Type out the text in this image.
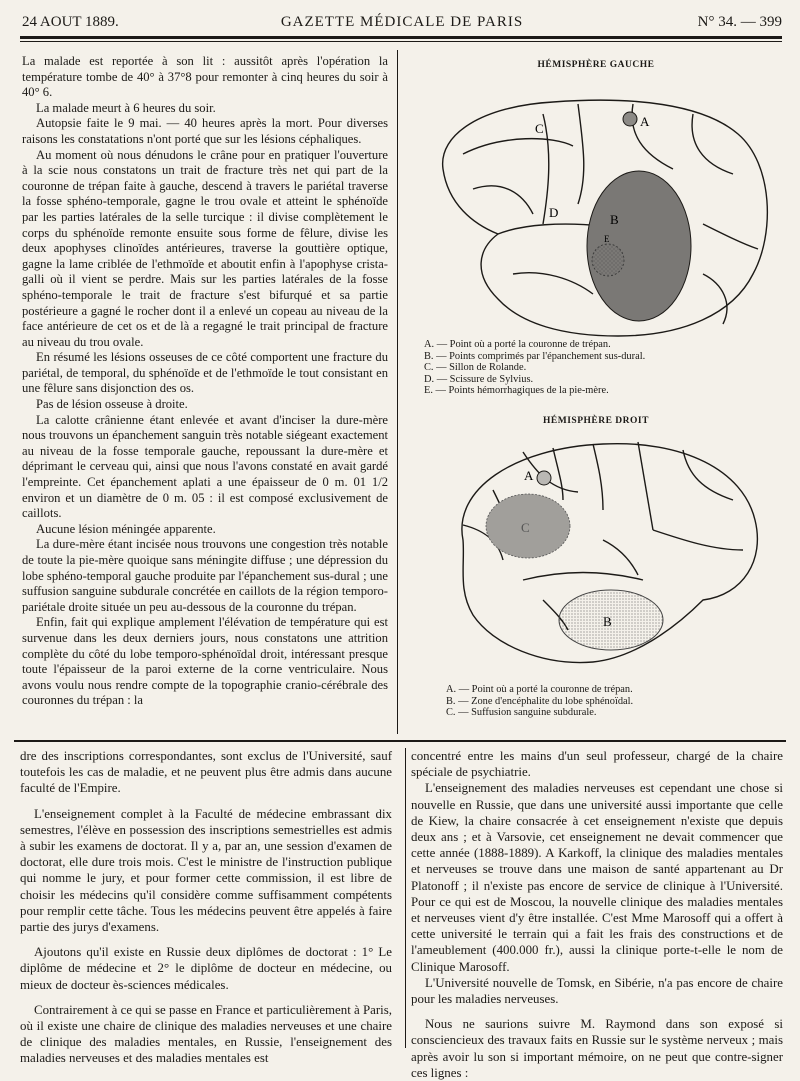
24 AOUT 1889.	GAZETTE MÉDICALE DE PARIS	N° 34. — 399

La malade est reportée à son lit : aussitôt après l'opération la température tombe de 40° à 37°8 pour remonter à cinq heures du soir à 40° 6.

La malade meurt à 6 heures du soir.

Autopsie faite le 9 mai. — 40 heures après la mort. Pour diverses raisons les constatations n'ont porté que sur les lésions céphaliques.

Au moment où nous dénudons le crâne pour en pratiquer l'ouverture à la scie nous constatons un trait de fracture très net qui part de la couronne de trépan faite à gauche, descend à travers le pariétal traverse la fosse sphéno-temporale, gagne le trou ovale et atteint le sphénoïde par les parties latérales de la selle turcique : il divise complètement le corps du sphénoïde remonte ensuite sous forme de fêlure, divise les deux apophyses clinoïdes antérieures, traverse la gouttière optique, gagne la lame criblée de l'ethmoïde et aboutit enfin à l'apophyse crista-galli où il vient se perdre. Mais sur les parties latérales de la fosse sphéno-temporale le trait de fracture s'est bifurqué et sa partie postérieure a gagné le rocher dont il a enlevé un copeau au niveau de la face antérieure de cet os et de là a regagné le trait principal de fracture au niveau du trou ovale.

En résumé les lésions osseuses de ce côté comportent une fracture du pariétal, de temporal, du sphénoïde et de l'ethmoïde le tout consistant en une fêlure sans disjonction des os.

Pas de lésion osseuse à droite.

La calotte crânienne étant enlevée et avant d'inciser la dure-mère nous trouvons un épanchement sanguin très notable siégeant exactement au niveau de la fosse temporale gauche, repoussant la dure-mère et déprimant le cerveau qui, ainsi que nous l'avons constaté en avait gardé l'empreinte. Cet épanchement aplati a une épaisseur de 0 m. 01 1/2 environ et un diamètre de 0 m. 05 : il est composé exclusivement de caillots.

Aucune lésion méningée apparente.

La dure-mère étant incisée nous trouvons une congestion très notable de toute la pie-mère quoique sans méningite diffuse ; une dépression du lobe sphéno-temporal gauche produite par l'épanchement sus-dural ; une suffusion sanguine subdurale concrétée en caillots de la région temporo-pariétale droite située un peu au-dessous de la couronne du trépan.

Enfin, fait qui explique amplement l'élévation de température qui est survenue dans les deux derniers jours, nous constatons une attrition complète du côté du lobe temporo-sphénoïdal droit, intéressant presque toute l'épaisseur de la paroi externe de la corne ventriculaire. Nous avons voulu nous rendre compte de la topographie cranio-cérébrale des couronnes du trépan : la

HÉMISPHÈRE GAUCHE
C	A
D	B
E
A. — Point où a porté la couronne de trépan.
B. — Points comprimés par l'épanchement sus-dural.
C. — Sillon de Rolande.
D. — Scissure de Sylvius.
E. — Points hémorrhagiques de la pie-mère.
HÉMISPHÈRE DROIT
A
C
B
A. — Point où a porté la couronne de trépan.
B. — Zone d'encéphalite du lobe sphénoïdal.
C. — Suffusion sanguine subdurale.

dre des inscriptions correspondantes, sont exclus de l'Université, sauf toutefois les cas de maladie, et ne peuvent plus être admis dans aucune faculté de l'Empire.

L'enseignement complet à la Faculté de médecine embrassant dix semestres, l'élève en possession des inscriptions semestrielles est admis à subir les examens de doctorat. Il y a, par an, une session d'examen de doctorat, elle dure trois mois. C'est le ministre de l'instruction publique qui nomme le jury, et pour former cette commission, il est libre de choisir les médecins qu'il considère comme suffisamment compétents pour remplir cette tâche. Tous les médecins peuvent être appelés à faire partie des jurys d'examens.

Ajoutons qu'il existe en Russie deux diplômes de doctorat : 1° Le diplôme de médecine et 2° le diplôme de docteur en médecine, ou mieux de docteur ès-sciences médicales.

Contrairement à ce qui se passe en France et particulièrement à Paris, où il existe une chaire de clinique des maladies nerveuses et une chaire de clinique des maladies mentales, en Russie, l'enseignement des maladies nerveuses et des maladies mentales est

concentré entre les mains d'un seul professeur, chargé de la chaire spéciale de psychiatrie.

L'enseignement des maladies nerveuses est cependant une chose si nouvelle en Russie, que dans une université aussi importante que celle de Kiew, la chaire consacrée à cet enseignement n'existe que depuis deux ans ; et à Varsovie, cet enseignement ne devait commencer que cette année (1888-1889). A Karkoff, la clinique des maladies mentales et nerveuses se trouve dans une maison de santé appartenant au Dr Platonoff ; il n'existe pas encore de service de clinique à l'Université. Pour ce qui est de Moscou, la nouvelle clinique des maladies mentales et nerveuses vient d'y être installée. C'est Mme Marosoff qui a offert à cette université le terrain qui a fait les frais des constructions et de l'ameublement (400.000 fr.), aussi la clinique porte-t-elle le nom de Clinique Marosoff.

L'Université nouvelle de Tomsk, en Sibérie, n'a pas encore de chaire pour les maladies nerveuses.

Nous ne saurions suivre M. Raymond dans son exposé si consciencieux des travaux faits en Russie sur le système nerveux ; mais après avoir lu son si important mémoire, on ne peut que contre-signer ces lignes :
